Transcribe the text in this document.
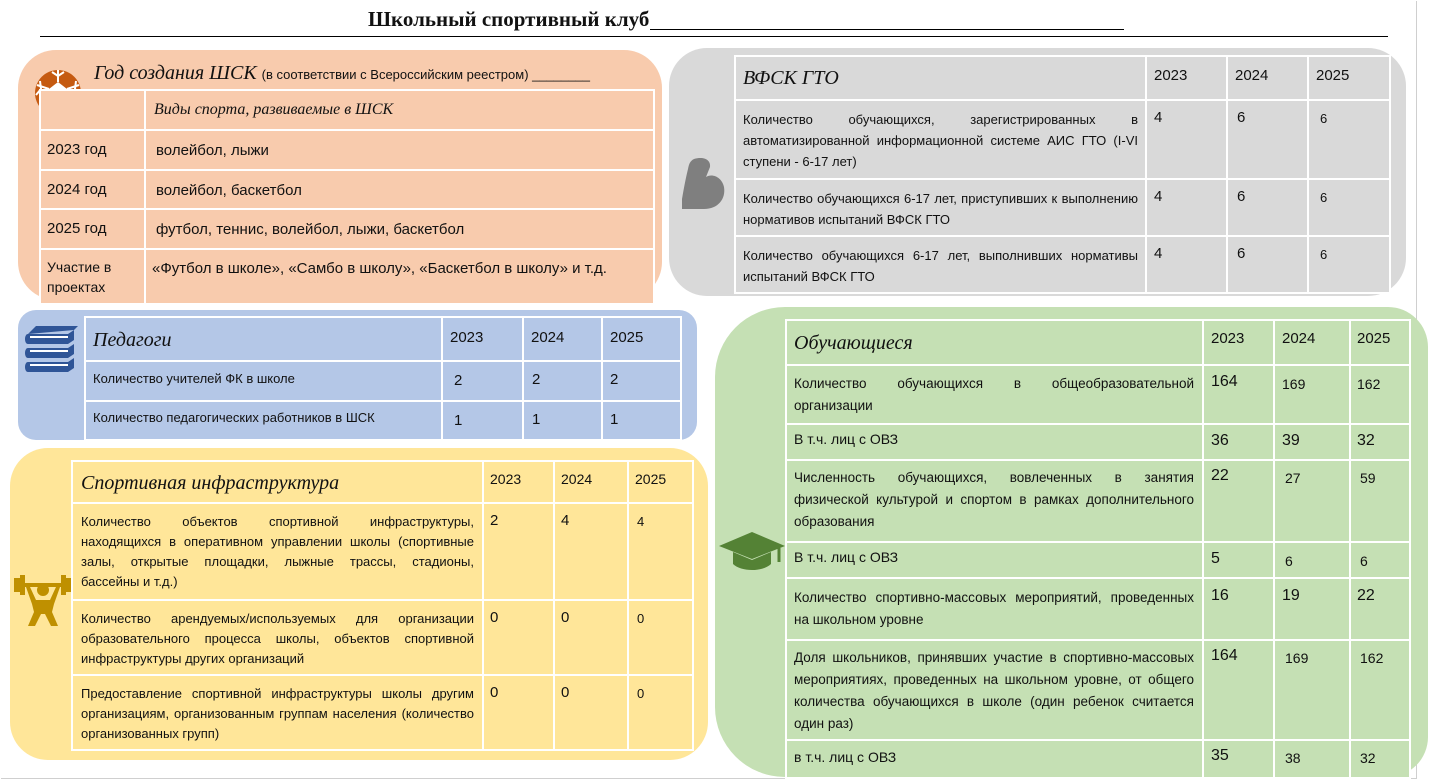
Школьный спортивный клуб
Год создания ШСК (в соответствии с Всероссийским реестром) ________

	Виды спорта, развиваемые в ШСК

2023 год	волейбол, лыжи

2024 год	волейбол, баскетбол

2025 год	футбол, теннис, волейбол, лыжи, баскетбол

Участие в проектах	«Футбол в школе», «Самбо в школу», «Баскетбол в школу» и т.д.
ВФСК ГТО	2023	2024	2025

Количество обучающихся, зарегистрированных в автоматизированной информационной системе АИС ГТО (I-VI ступени - 6-17 лет)	4	6	6

Количество обучающихся 6-17 лет, приступивших к выполнению нормативов испытаний ВФСК ГТО	4	6	6

Количество обучающихся 6-17 лет, выполнивших нормативы испытаний ВФСК ГТО	4	6	6
Педагоги	2023	2024	2025

Количество учителей ФК в школе	2	2	2

Количество педагогических работников в ШСК	1	1	1
Спортивная инфраструктура	2023	2024	2025

Количество объектов спортивной инфраструктуры, находящихся в оперативном управлении школы (спортивные залы, открытые площадки, лыжные трассы, стадионы, бассейны и т.д.)	2	4	4

Количество арендуемых/используемых для организации образовательного процесса школы, объектов спортивной инфраструктуры других организаций	0	0	0

Предоставление спортивной инфраструктуры школы другим организациям, организованным группам населения (количество организованных групп)	0	0	0
Обучающиеся	2023	2024	2025

Количество обучающихся в общеобразовательной организации	164	169	162

В т.ч. лиц с ОВЗ	36	39	32

Численность обучающихся, вовлеченных в занятия физической культурой и спортом в рамках дополнительного образования	22	27	59

В т.ч. лиц с ОВЗ	5	6	6

Количество спортивно-массовых мероприятий, проведенных на школьном уровне	16	19	22

Доля школьников, принявших участие в спортивно-массовых мероприятиях, проведенных на школьном уровне, от общего количества обучающихся в школе (один ребенок считается один раз)	164	169	162

в т.ч. лиц с ОВЗ	35	38	32
